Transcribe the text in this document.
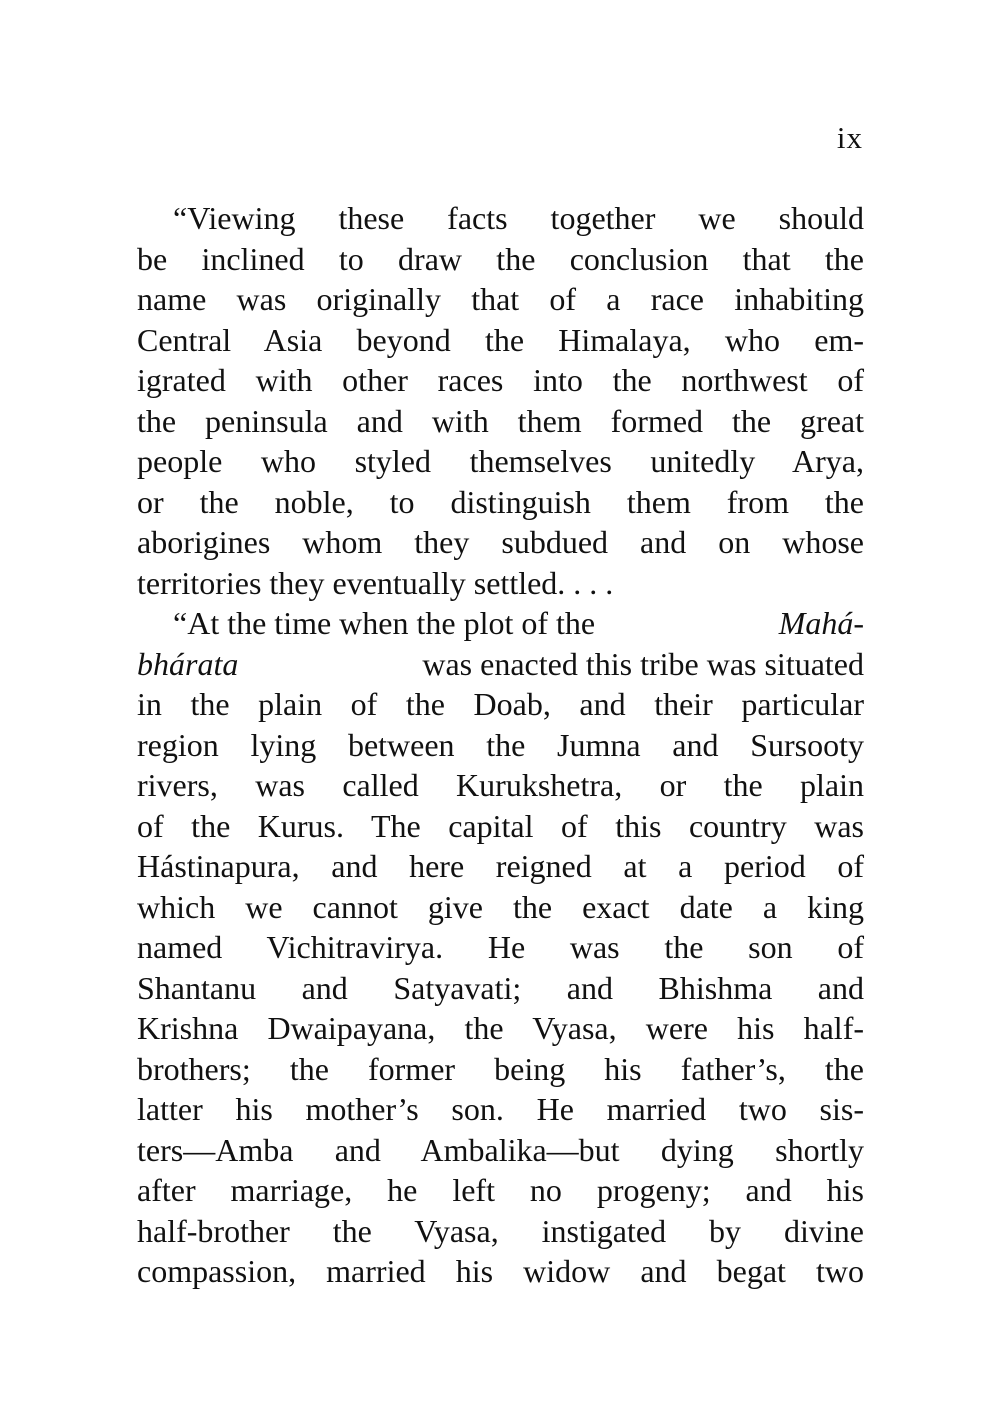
ix
“Viewing these facts together we should
be inclined to draw the conclusion that the
name was originally that of a race inhabiting
Central Asia beyond the Himalaya, who em-
igrated with other races into the northwest of
the peninsula and with them formed the great
people who styled themselves unitedly Arya,
or the noble, to distinguish them from the
aborigines whom they subdued and on whose
territories they eventually settled. . . .
“At the time when the plot of the	Mahá-
bhárata	was enacted this tribe was situated
in the plain of the Doab, and their particular
region lying between the Jumna and Sursooty
rivers, was called Kurukshetra, or the plain
of the Kurus. The capital of this country was
Hástinapura, and here reigned at a period of
which we cannot give the exact date a king
named Vichitravirya. He was the son of
Shantanu and Satyavati; and Bhishma and
Krishna Dwaipayana, the Vyasa, were his half-
brothers; the former being his father’s, the
latter his mother’s son. He married two sis-
ters—Amba and Ambalika—but dying shortly
after marriage, he left no progeny; and his
half-brother the Vyasa, instigated by divine
compassion, married his widow and begat two
